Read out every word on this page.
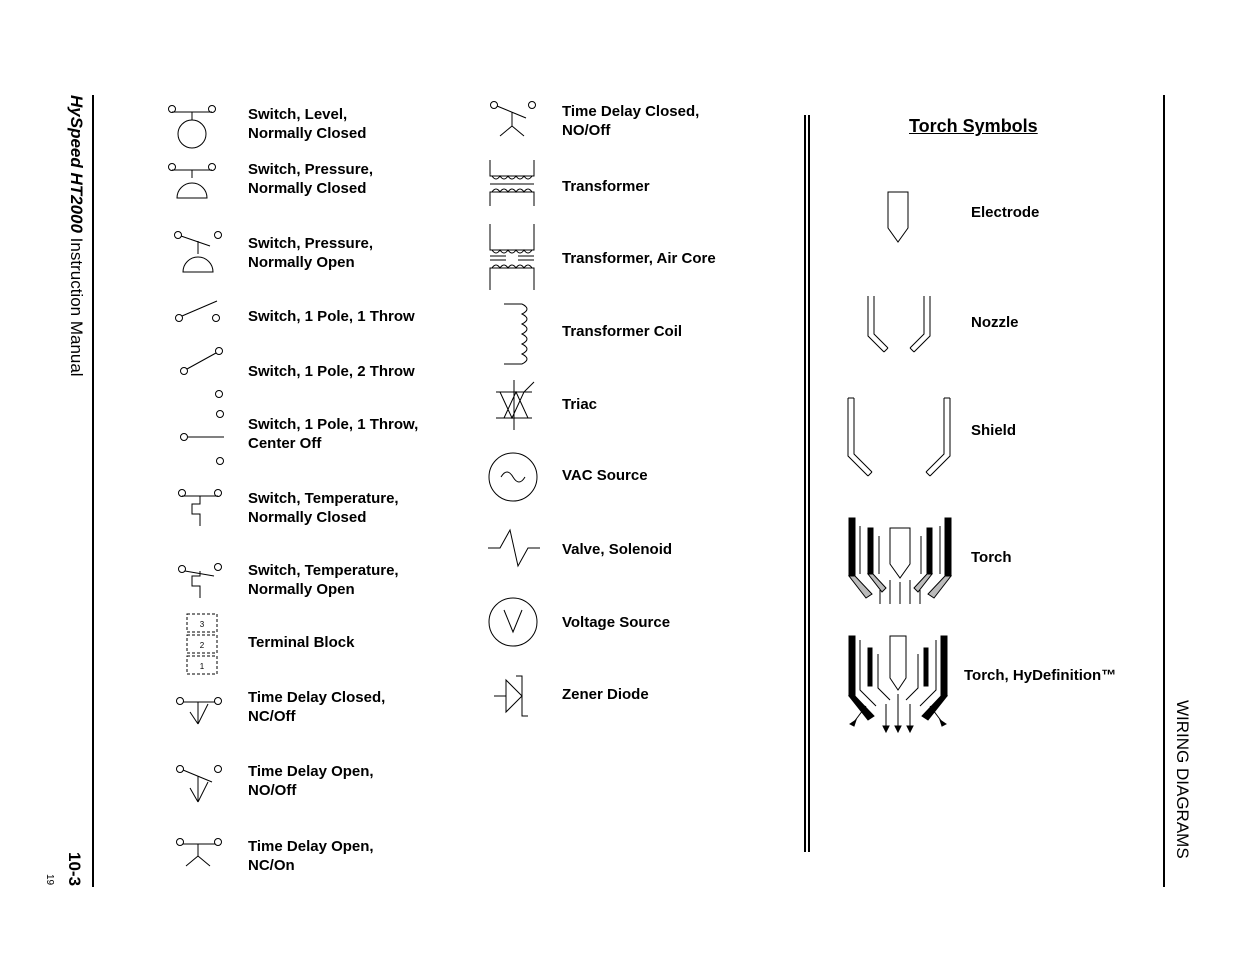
HySpeed HT2000 Instruction Manual
10-3
19
WIRING DIAGRAMS
Switch, Level,
Normally Closed
Switch, Pressure,
Normally Closed
Switch, Pressure,
Normally Open
Switch, 1 Pole, 1 Throw
Switch, 1 Pole, 2 Throw
Switch, 1 Pole, 1 Throw,
Center Off
Switch, Temperature,
Normally Closed
Switch, Temperature,
Normally Open
3
2
1
Terminal Block
Time Delay Closed,
NC/Off
Time Delay Open,
NO/Off
Time Delay Open,
NC/On
Time Delay Closed,
NO/Off
Transformer
Transformer, Air Core
Transformer Coil
Triac
VAC Source
Valve, Solenoid
Voltage Source
Zener Diode
Torch Symbols
Electrode
Nozzle
Shield
Torch
Torch, HyDefinition™
